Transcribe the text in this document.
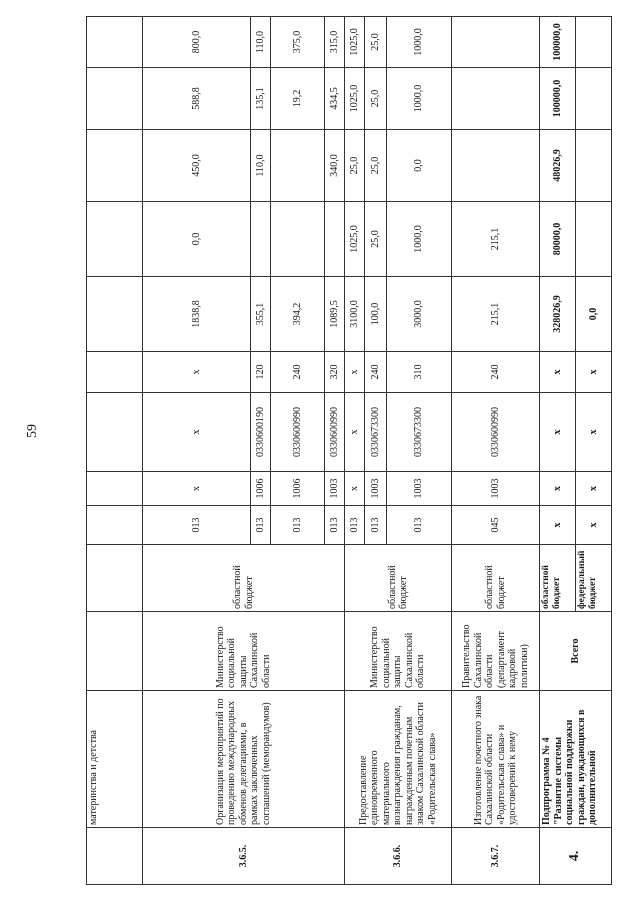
59
	материнства и детства											
3.6.5.	Организация мероприятий по проведению международных обменов делегациями, в рамках заключенных соглашений (меморандумов)	Министерство социальной защиты Сахалинской области	областной бюджет	013	х	х	х	1838,8	0,0	450,0	588,8	800,0
				013	1006	0330600190	120	355,1		110,0	135,1	110,0
				013	1006	0330600990	240	394,2			19,2	375,0
				013	1003	0330600990	320	1089,5		340,0	434,5	315,0
3.6.6.	Предоставление единовременного материального вознаграждения гражданам, награжденным почетным знаком Сахалинской области «Родительская слава»	Министерство социальной защиты Сахалинской области	областной бюджет	013	х	х	х	3100,0	1025,0	25,0	1025,0	1025,0
				013	1003	0330673300	240	100,0	25,0	25,0	25,0	25,0
				013	1003	0330673300	310	3000,0	1000,0	0,0	1000,0	1000,0
3.6.7.	Изготовление почетного знака Сахалинской области «Родительская слава» и удостоверений к нему	Правительство Сахалинской области (департамент кадровой политики)	областной бюджет	045	1003	0330600990	240	215,1	215,1			
4.	Подпрограмма № 4 "Развитие системы социальной поддержки граждан, нуждающихся в дополнительной	Всего	областной бюджет	х	х	х	х	328026,9	80000,0	48026,9	100000,0	100000,0
			федеральный бюджет	х	х	х	х	0,0				
